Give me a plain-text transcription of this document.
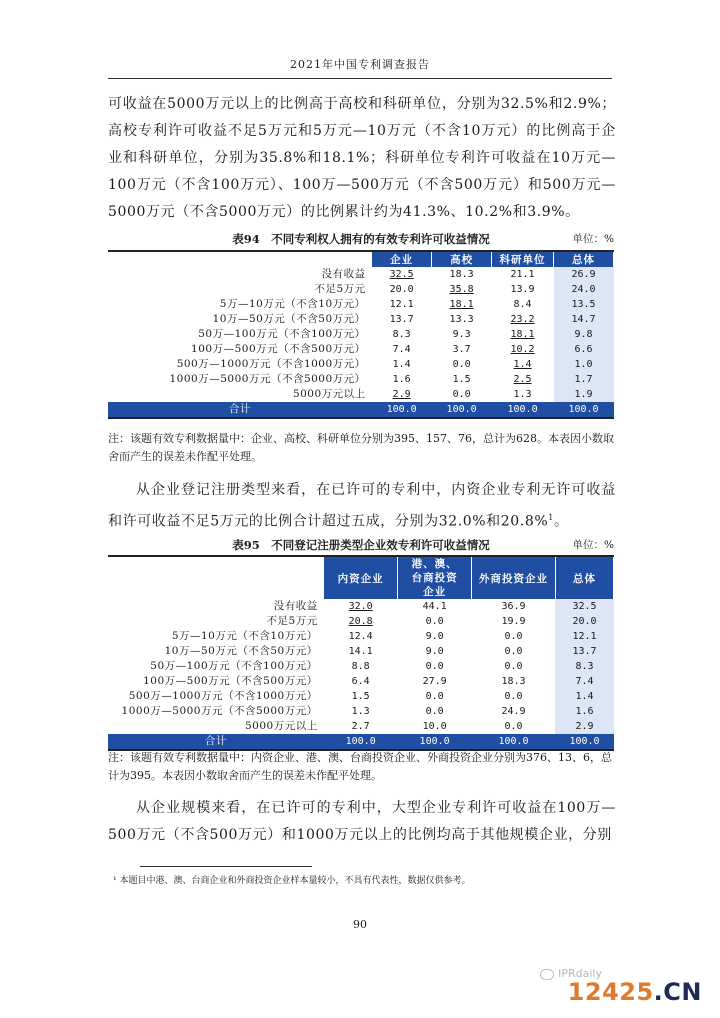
2021年中国专利调查报告

可收益在5000万元以上的比例高于高校和科研单位，分别为32.5%和2.9%；高校专利许可收益不足5万元和5万元—10万元（不含10万元）的比例高于企业和科研单位，分别为35.8%和18.1%；科研单位专利许可收益在10万元—100万元（不含100万元）、100万—500万元（不含500万元）和500万元—5000万元（不含5000万元）的比例累计约为41.3%、10.2%和3.9%。

表94　不同专利权人拥有的有效专利许可收益情况	单位：%
	企业	高校	科研单位	总体
没有收益	32.5	18.3	21.1	26.9
不足5万元	20.0	35.8	13.9	24.0
5万—10万元（不含10万元）	12.1	18.1	8.4	13.5
10万—50万元（不含50万元）	13.7	13.3	23.2	14.7
50万—100万元（不含100万元）	8.3	9.3	18.1	9.8
100万—500万元（不含500万元）	7.4	3.7	10.2	6.6
500万—1000万元（不含1000万元）	1.4	0.0	1.4	1.0
1000万—5000万元（不含5000万元）	1.6	1.5	2.5	1.7
5000万元以上	2.9	0.0	1.3	1.9
合计	100.0	100.0	100.0	100.0

注：该题有效专利数据量中：企业、高校、科研单位分别为395、157、76，总计为628。本表因小数取舍而产生的误差未作配平处理。

从企业登记注册类型来看，在已许可的专利中，内资企业专利无许可收益和许可收益不足5万元的比例合计超过五成，分别为32.0%和20.8%$^1$。

表95　不同登记注册类型企业效专利许可收益情况	单位：%
	内资企业	港、澳、台商投资企业	外商投资企业	总体
没有收益	32.0	44.1	36.9	32.5
不足5万元	20.8	0.0	19.9	20.0
5万—10万元（不含10万元）	12.4	9.0	0.0	12.1
10万—50万元（不含50万元）	14.1	9.0	0.0	13.7
50万—100万元（不含100万元）	8.8	0.0	0.0	8.3
100万—500万元（不含500万元）	6.4	27.9	18.3	7.4
500万—1000万元（不含1000万元）	1.5	0.0	0.0	1.4
1000万—5000万元（不含5000万元）	1.3	0.0	24.9	1.6
5000万元以上	2.7	10.0	0.0	2.9
合计	100.0	100.0	100.0	100.0

注：该题有效专利数据量中：内资企业、港、澳、台商投资企业、外商投资企业分别为376、13、6，总计为395。本表因小数取舍而产生的误差未作配平处理。

从企业规模来看，在已许可的专利中，大型企业专利许可收益在100万—500万元（不含500万元）和1000万元以上的比例均高于其他规模企业，分别

¹ 本题目中港、澳、台商企业和外商投资企业样本量较小，不具有代表性，数据仅供参考。
90
IPRdaily
12425.CN
